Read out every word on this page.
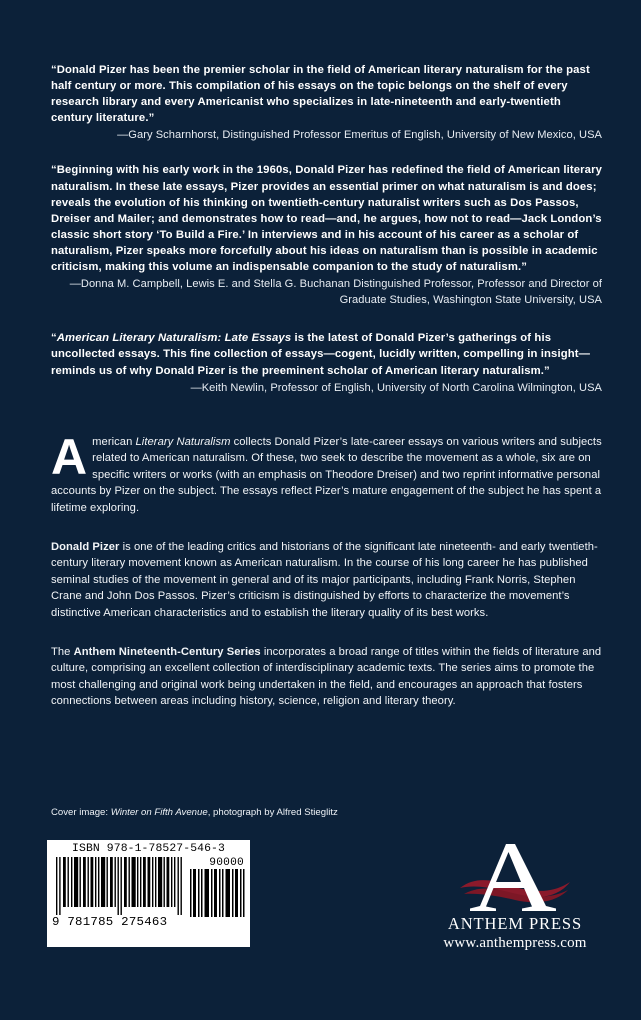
“Donald Pizer has been the premier scholar in the field of American literary naturalism for the past half century or more. This compilation of his essays on the topic belongs on the shelf of every research library and every Americanist who specializes in late-nineteenth and early-twentieth century literature.”

—Gary Scharnhorst, Distinguished Professor Emeritus of English, University of New Mexico, USA

“Beginning with his early work in the 1960s, Donald Pizer has redefined the field of American literary naturalism. In these late essays, Pizer provides an essential primer on what naturalism is and does; reveals the evolution of his thinking on twentieth-century naturalist writers such as Dos Passos, Dreiser and Mailer; and demonstrates how to read—and, he argues, how not to read—Jack London’s classic short story ‘To Build a Fire.’ In interviews and in his account of his career as a scholar of naturalism, Pizer speaks more forcefully about his ideas on naturalism than is possible in academic criticism, making this volume an indispensable companion to the study of naturalism.”

—Donna M. Campbell, Lewis E. and Stella G. Buchanan Distinguished Professor, Professor and Director of Graduate Studies, Washington State University, USA

“American Literary Naturalism: Late Essays is the latest of Donald Pizer’s gatherings of his uncollected essays. This fine collection of essays—cogent, lucidly written, compelling in insight—reminds us of why Donald Pizer is the preeminent scholar of American literary naturalism.”

—Keith Newlin, Professor of English, University of North Carolina Wilmington, USA

American Literary Naturalism collects Donald Pizer’s late-career essays on various writers and subjects related to American naturalism. Of these, two seek to describe the movement as a whole, six are on specific writers or works (with an emphasis on Theodore Dreiser) and two reprint informative personal accounts by Pizer on the subject. The essays reflect Pizer’s mature engagement of the subject he has spent a lifetime exploring.

Donald Pizer is one of the leading critics and historians of the significant late nineteenth- and early twentieth-century literary movement known as American naturalism. In the course of his long career he has published seminal studies of the movement in general and of its major participants, including Frank Norris, Stephen Crane and John Dos Passos. Pizer’s criticism is distinguished by efforts to characterize the movement’s distinctive American characteristics and to establish the literary quality of its best works.

The Anthem Nineteenth-Century Series incorporates a broad range of titles within the fields of literature and culture, comprising an excellent collection of interdisciplinary academic texts. The series aims to promote the most challenging and original work being undertaken in the field, and encourages an approach that fosters connections between areas including history, science, religion and literary theory.

Cover image: Winter on Fifth Avenue, photograph by Alfred Stieglitz
ISBN 978-1-78527-546-3
9 781785 275463
90000
ANTHEM PRESS
www.anthempress.com
